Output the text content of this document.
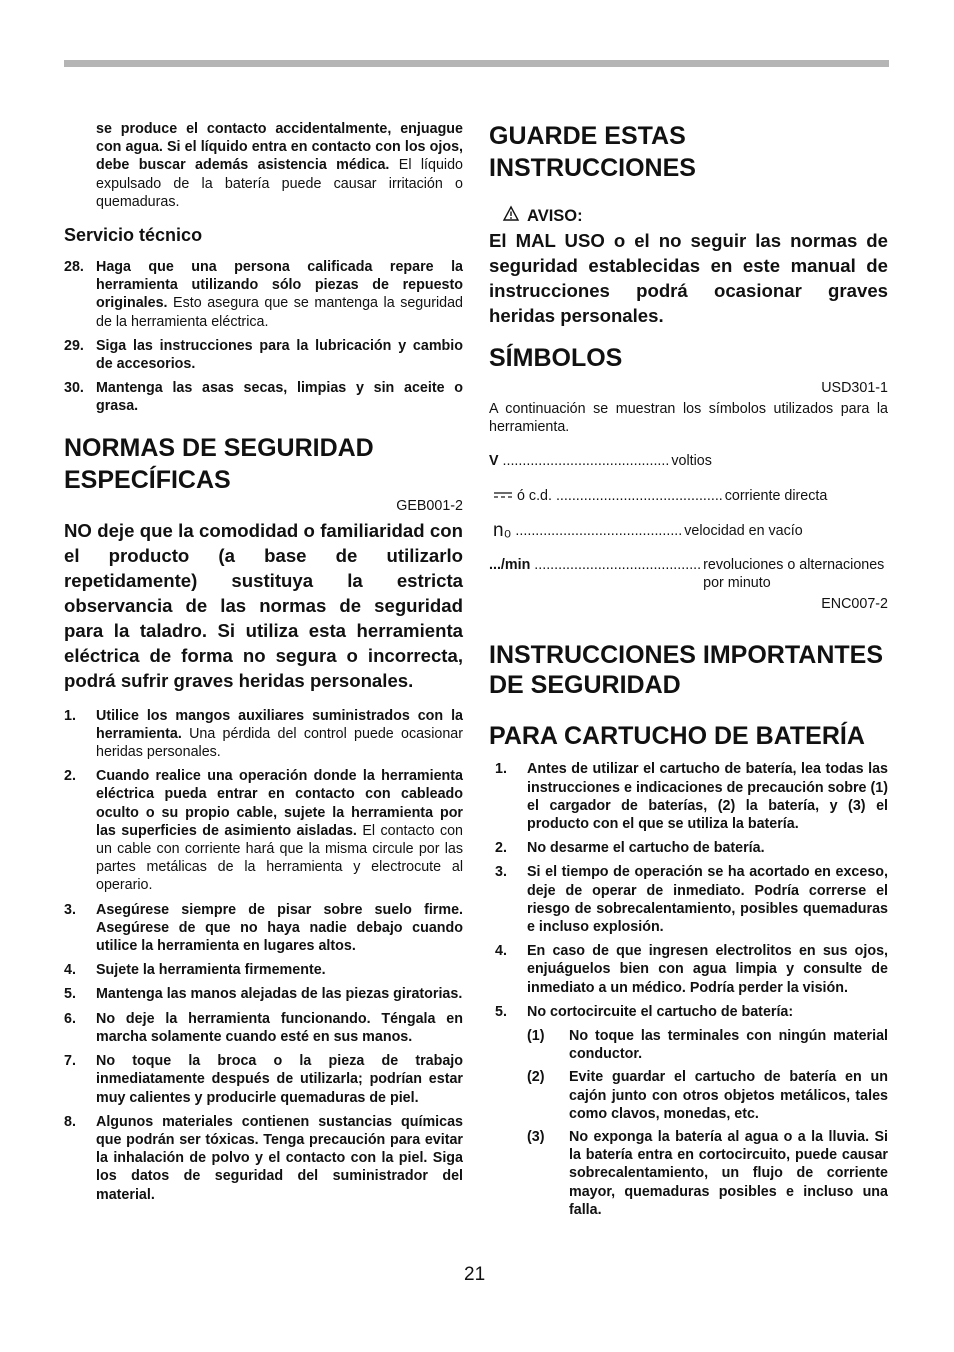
se produce el contacto accidentalmente, enjuague con agua. Si el líquido entra en contacto con los ojos, debe buscar además asistencia médica. El líquido expulsado de la batería puede causar irritación o quemaduras.
Servicio técnico
28. Haga que una persona calificada repare la herramienta utilizando sólo piezas de repuesto originales. Esto asegura que se mantenga la seguridad de la herramienta eléctrica.
29. Siga las instrucciones para la lubricación y cambio de accesorios.
30. Mantenga las asas secas, limpias y sin aceite o grasa.
NORMAS DE SEGURIDAD ESPECÍFICAS
GEB001-2
NO deje que la comodidad o familiaridad con el producto (a base de utilizarlo repetidamente) sustituya la estricta observancia de las normas de seguridad para la taladro. Si utiliza esta herramienta eléctrica de forma no segura o incorrecta, podrá sufrir graves heridas personales.
1.	Utilice los mangos auxiliares suministrados con la herramienta. Una pérdida del control puede ocasionar heridas personales.
2.	Cuando realice una operación donde la herramienta eléctrica pueda entrar en contacto con cableado oculto o su propio cable, sujete la herramienta por las superficies de asimiento aisladas. El contacto con un cable con corriente hará que la misma circule por las partes metálicas de la herramienta y electrocute al operario.
3.	Asegúrese siempre de pisar sobre suelo firme. Asegúrese de que no haya nadie debajo cuando utilice la herramienta en lugares altos.
4.	Sujete la herramienta firmemente.
5.	Mantenga las manos alejadas de las piezas giratorias.
6.	No deje la herramienta funcionando. Téngala en marcha solamente cuando esté en sus manos.
7.	No toque la broca o la pieza de trabajo inmediatamente después de utilizarla; podrían estar muy calientes y producirle quemaduras de piel.
8.	Algunos materiales contienen sustancias químicas que podrán ser tóxicas. Tenga precaución para evitar la inhalación de polvo y el contacto con la piel. Siga los datos de seguridad del suministrador del material.
GUARDE ESTAS INSTRUCCIONES
AVISO:
El MAL USO o el no seguir las normas de seguridad establecidas en este manual de instrucciones podrá ocasionar graves heridas personales.
SÍMBOLOS
USD301-1
A continuación se muestran los símbolos utilizados para la herramienta.
V .......................................... voltios
ó c.d. .......................................... corriente directa
n₀ .......................................... velocidad en vacío
.../min .......................................... revoluciones o alternaciones por minuto
ENC007-2
INSTRUCCIONES IMPORTANTES DE SEGURIDAD
PARA CARTUCHO DE BATERÍA
1.	Antes de utilizar el cartucho de batería, lea todas las instrucciones e indicaciones de precaución sobre (1) el cargador de baterías, (2) la batería, y (3) el producto con el que se utiliza la batería.
2.	No desarme el cartucho de batería.
3.	Si el tiempo de operación se ha acortado en exceso, deje de operar de inmediato. Podría correrse el riesgo de sobrecalentamiento, posibles quemaduras e incluso explosión.
4.	En caso de que ingresen electrolitos en sus ojos, enjuáguelos bien con agua limpia y consulte de inmediato a un médico. Podría perder la visión.
5.	No cortocircuite el cartucho de batería:
(1)	No toque las terminales con ningún material conductor.
(2)	Evite guardar el cartucho de batería en un cajón junto con otros objetos metálicos, tales como clavos, monedas, etc.
(3)	No exponga la batería al agua o a la lluvia. Si la batería entra en cortocircuito, puede causar sobrecalentamiento, un flujo de corriente mayor, quemaduras posibles e incluso una falla.
21
